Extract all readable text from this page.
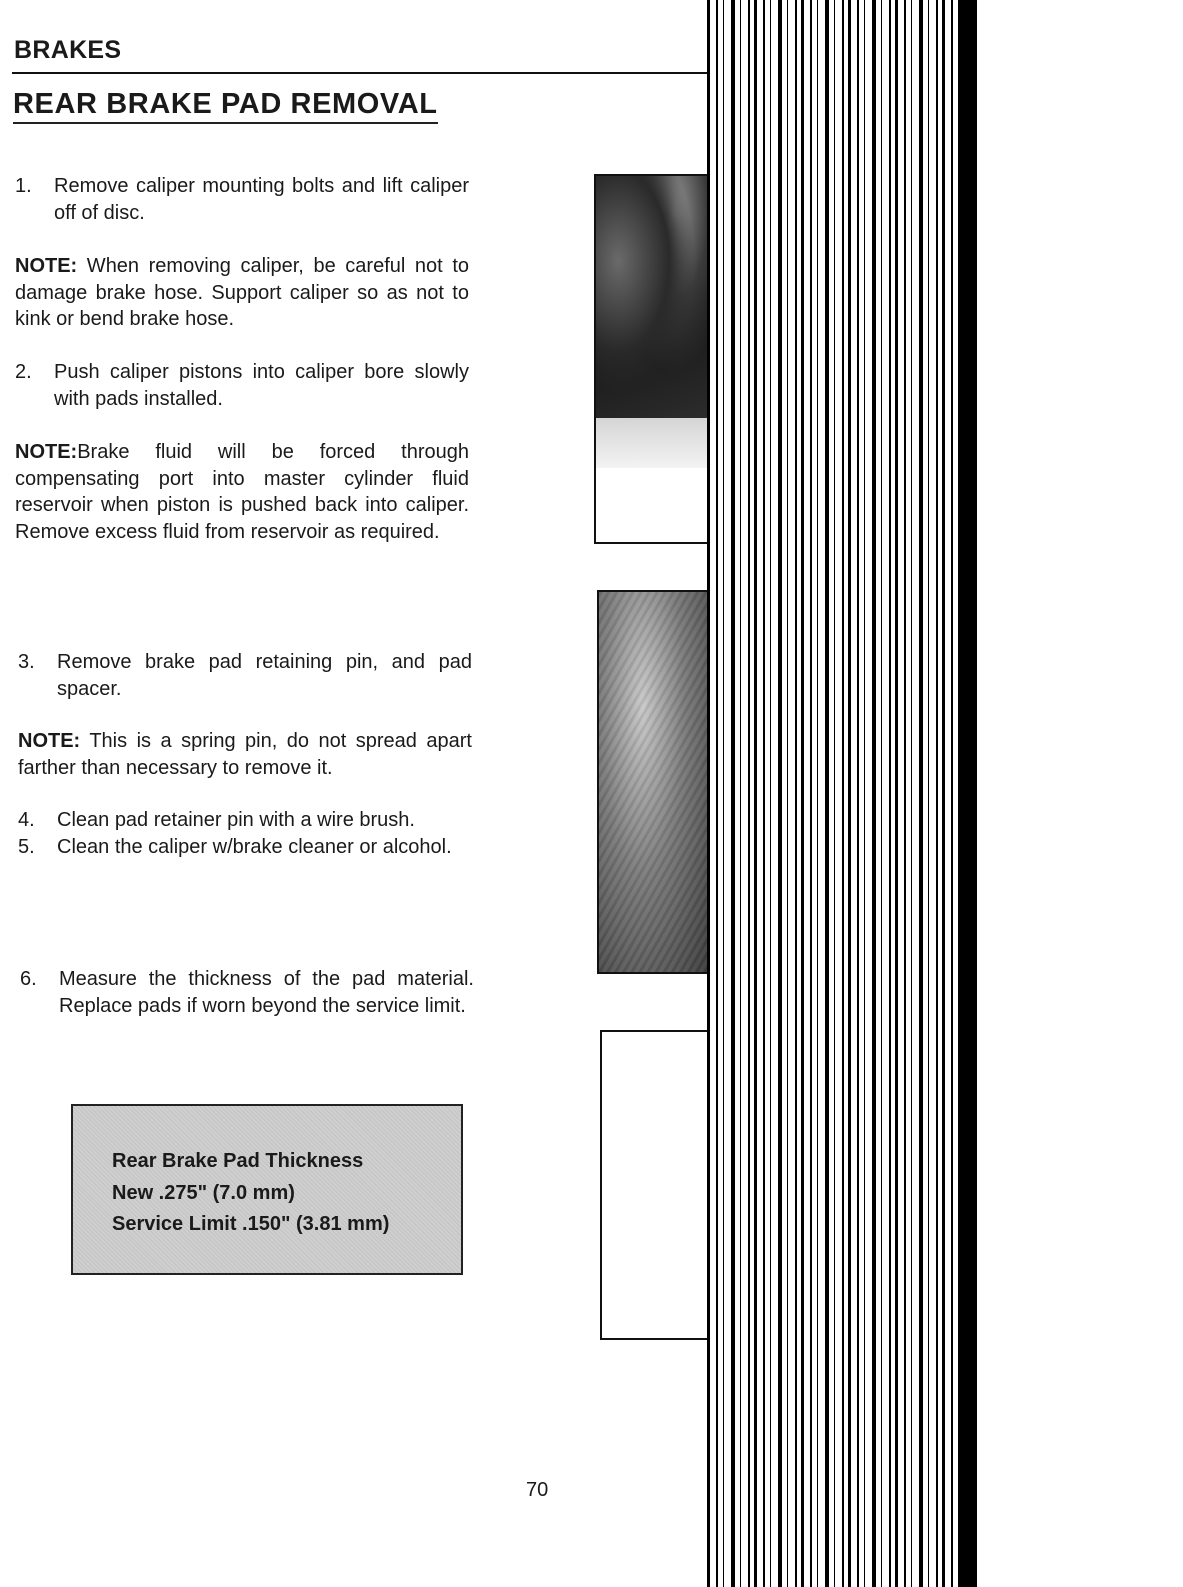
BRAKES
REAR BRAKE PAD REMOVAL
1.	Remove caliper mounting bolts and lift caliper off of disc.
NOTE: When removing caliper, be careful not to damage brake hose. Support caliper so as not to kink or bend brake hose.
2.	Push caliper pistons into caliper bore slowly with pads installed.
NOTE:Brake fluid will be forced through compensating port into master cylinder fluid reservoir when piston is pushed back into caliper. Remove excess fluid from reservoir as required.
3.	Remove brake pad retaining pin, and pad spacer.
NOTE: This is a spring pin, do not spread apart farther than necessary to remove it.
4.	Clean pad retainer pin with a wire brush.
5.	Clean the caliper w/brake cleaner or alcohol.
6.	Measure the thickness of the pad material. Replace pads if worn beyond the service limit.
Rear Brake Pad Thickness
New .275" (7.0 mm)
Service Limit .150" (3.81 mm)
70
